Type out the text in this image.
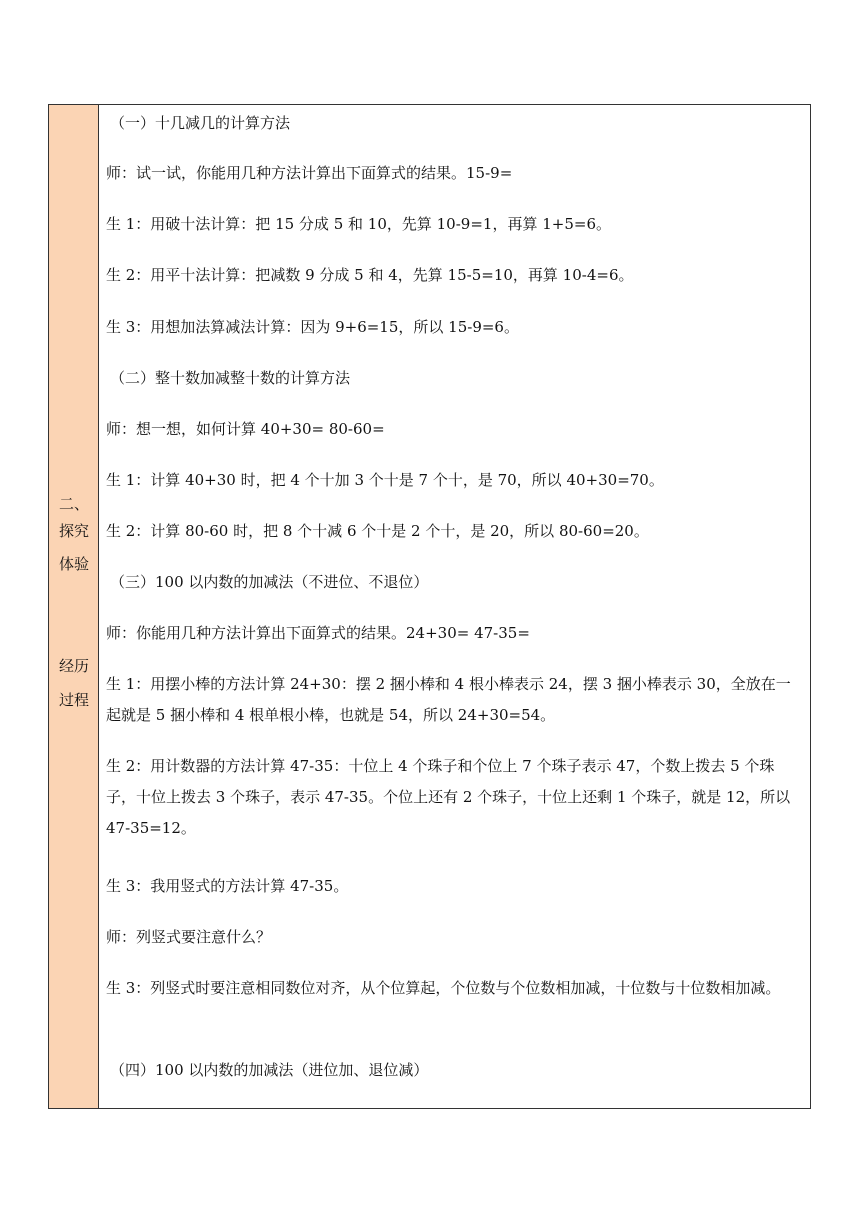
二、
探究
体验
经历
过程

（一）十几减几的计算方法

师：试一试，你能用几种方法计算出下面算式的结果。15-9=

生 1：用破十法计算：把 15 分成 5 和 10，先算 10-9=1，再算 1+5=6。

生 2：用平十法计算：把减数 9 分成 5 和 4，先算 15-5=10，再算 10-4=6。

生 3：用想加法算减法计算：因为 9+6=15，所以 15-9=6。

（二）整十数加减整十数的计算方法

师：想一想，如何计算 40+30= 80-60=

生 1：计算 40+30 时，把 4 个十加 3 个十是 7 个十，是 70，所以 40+30=70。

生 2：计算 80-60 时，把 8 个十减 6 个十是 2 个十，是 20，所以 80-60=20。

（三）100 以内数的加减法（不进位、不退位）

师：你能用几种方法计算出下面算式的结果。24+30= 47-35=

生 1：用摆小棒的方法计算 24+30：摆 2 捆小棒和 4 根小棒表示 24，摆 3 捆小棒表示 30，全放在一起就是 5 捆小棒和 4 根单根小棒，也就是 54，所以 24+30=54。

生 2：用计数器的方法计算 47-35：十位上 4 个珠子和个位上 7 个珠子表示 47，个数上拨去 5 个珠子，十位上拨去 3 个珠子，表示 47-35。个位上还有 2 个珠子，十位上还剩 1 个珠子，就是 12，所以 47-35=12。

生 3：我用竖式的方法计算 47-35。

师：列竖式要注意什么？

生 3：列竖式时要注意相同数位对齐，从个位算起，个位数与个位数相加减，十位数与十位数相加减。

（四）100 以内数的加减法（进位加、退位减）
